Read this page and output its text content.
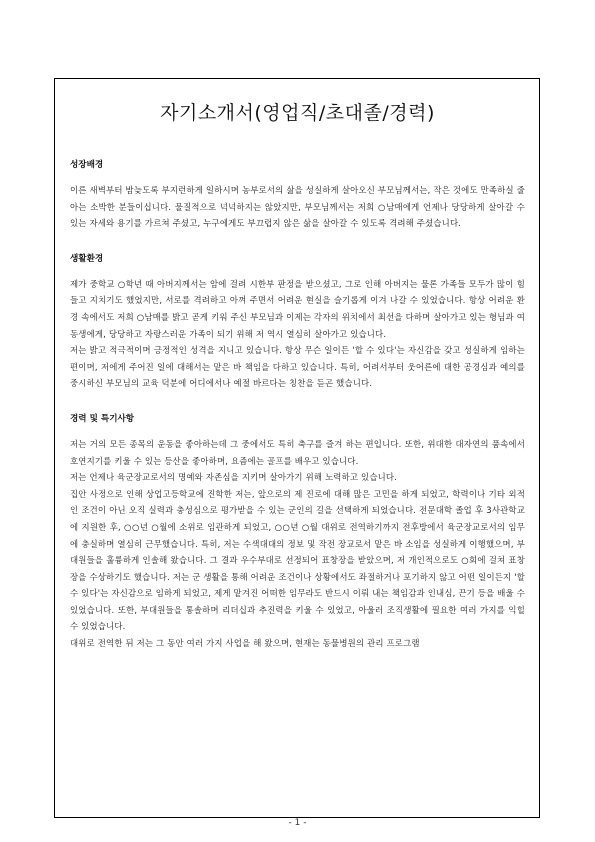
자기소개서(영업직/초대졸/경력)

성장배경

이른 새벽부터 밤늦도록 부지런하게 일하시며 농부로서의 삶을 성실하게 살아오신 부모님께서는, 작은 것에도 만족하실 줄 아는 소박한 분들이십니다. 물질적으로 넉넉하지는 않았지만, 부모님께서는 저희 ○남매에게 언제나 당당하게 살아갈 수 있는 자세와 용기를 가르쳐 주셨고, 누구에게도 부끄럽지 않은 삶을 살아갈 수 있도록 격려해 주셨습니다.

생활환경

제가 중학교 ○학년 때 아버지께서는 암에 걸려 시한부 판정을 받으셨고, 그로 인해 아버지는 물론 가족들 모두가 많이 힘들고 지치기도 했었지만, 서로를 격려하고 아껴 주면서 어려운 현실을 슬기롭게 이겨 나갈 수 있었습니다. 항상 어려운 환경 속에서도 저희 ○남매를 밝고 곧게 키워 주신 부모님과 이제는 각자의 위치에서 최선을 다하며 살아가고 있는 형님과 여동생에게, 당당하고 자랑스러운 가족이 되기 위해 저 역시 열심히 살아가고 있습니다.

저는 밝고 적극적이며 긍정적인 성격을 지니고 있습니다. 항상 무슨 일이든 '할 수 있다'는 자신감을 갖고 성실하게 임하는 편이며, 저에게 주어진 일에 대해서는 맡은 바 책임을 다하고 있습니다. 특히, 어려서부터 웃어른에 대한 공경심과 예의를 중시하신 부모님의 교육 덕분에 어디에서나 예절 바르다는 칭찬을 듣곤 했습니다.

경력 및 특기사항

저는 거의 모든 종목의 운동을 좋아하는데 그 중에서도 특히 축구를 즐겨 하는 편입니다. 또한, 위대한 대자연의 품속에서 호연지기를 키울 수 있는 등산을 좋아하며, 요즘에는 골프를 배우고 있습니다.

저는 언제나 육군장교로서의 명예와 자존심을 지키며 살아가기 위해 노력하고 있습니다.

집안 사정으로 인해 상업고등학교에 진학한 저는, 앞으로의 제 진로에 대해 많은 고민을 하게 되었고, 학력이나 기타 외적인 조건이 아닌 오직 실력과 충성심으로 평가받을 수 있는 군인의 길을 선택하게 되었습니다. 전문대학 졸업 후 3사관학교에 지원한 후, ○○년 ○월에 소위로 임관하게 되었고, ○○년 ○월 대위로 전역하기까지 전후방에서 육군장교로서의 임무에 충실하며 열심히 근무했습니다. 특히, 저는 수색대대의 정보 및 작전 장교로서 맡은 바 소임을 성실하게 이행했으며, 부대원들을 훌륭하게 인솔해 왔습니다. 그 결과 우수부대로 선정되어 표창장을 받았으며, 저 개인적으로도 ○회에 걸쳐 표창장을 수상하기도 했습니다. 저는 군 생활을 통해 어려운 조건이나 상황에서도 좌절하거나 포기하지 않고 어떤 일이든지 '할 수 있다'는 자신감으로 임하게 되었고, 제게 맡겨진 어떠한 임무라도 반드시 이뤄 내는 책임감과 인내심, 끈기 등을 배울 수 있었습니다. 또한, 부대원들을 통솔하며 리더십과 추진력을 키울 수 있었고, 아울러 조직생활에 필요한 여러 가지를 익힐 수 있었습니다.

대위로 전역한 뒤 저는 그 동안 여러 가지 사업을 해 왔으며, 현재는 동물병원의 관리 프로그램

- 1 -
